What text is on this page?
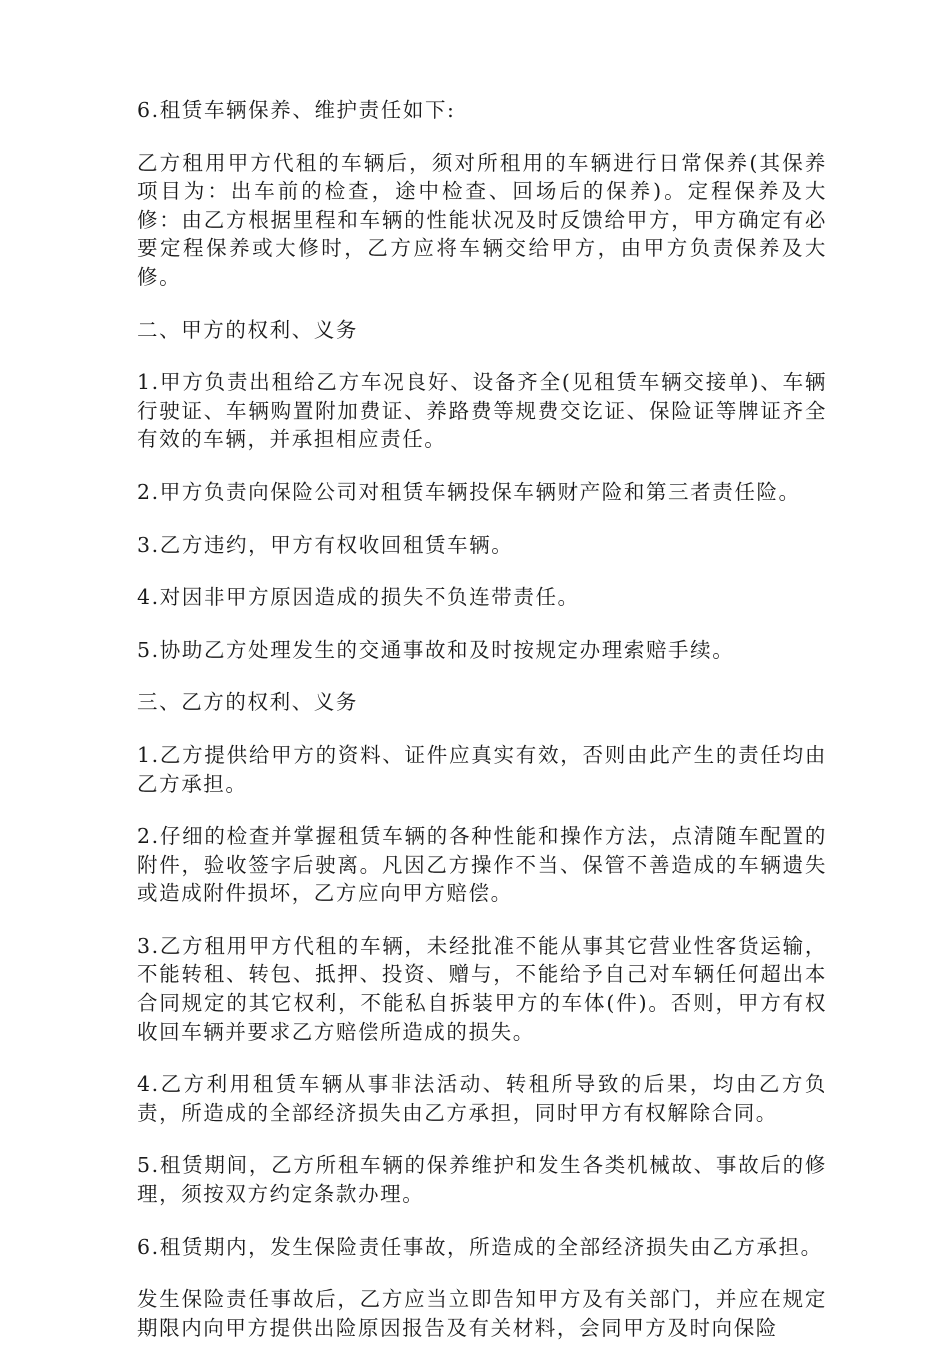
6.租赁车辆保养、维护责任如下:

乙方租用甲方代租的车辆后，须对所租用的车辆进行日常保养(其保养项目为：出车前的检查，途中检查、回场后的保养)。定程保养及大修：由乙方根据里程和车辆的性能状况及时反馈给甲方，甲方确定有必要定程保养或大修时，乙方应将车辆交给甲方，由甲方负责保养及大修。

二、甲方的权利、义务

1.甲方负责出租给乙方车况良好、设备齐全(见租赁车辆交接单)、车辆行驶证、车辆购置附加费证、养路费等规费交讫证、保险证等牌证齐全有效的车辆，并承担相应责任。

2.甲方负责向保险公司对租赁车辆投保车辆财产险和第三者责任险。

3.乙方违约，甲方有权收回租赁车辆。

4.对因非甲方原因造成的损失不负连带责任。

5.协助乙方处理发生的交通事故和及时按规定办理索赔手续。

三、乙方的权利、义务

1.乙方提供给甲方的资料、证件应真实有效，否则由此产生的责任均由乙方承担。

2.仔细的检查并掌握租赁车辆的各种性能和操作方法，点清随车配置的附件，验收签字后驶离。凡因乙方操作不当、保管不善造成的车辆遗失或造成附件损坏，乙方应向甲方赔偿。

3.乙方租用甲方代租的车辆，未经批准不能从事其它营业性客货运输，不能转租、转包、抵押、投资、赠与，不能给予自己对车辆任何超出本合同规定的其它权利，不能私自拆装甲方的车体(件)。否则，甲方有权收回车辆并要求乙方赔偿所造成的损失。

4.乙方利用租赁车辆从事非法活动、转租所导致的后果，均由乙方负责，所造成的全部经济损失由乙方承担，同时甲方有权解除合同。

5.租赁期间，乙方所租车辆的保养维护和发生各类机械故、事故后的修理，须按双方约定条款办理。

6.租赁期内，发生保险责任事故，所造成的全部经济损失由乙方承担。

发生保险责任事故后，乙方应当立即告知甲方及有关部门，并应在规定期限内向甲方提供出险原因报告及有关材料，会同甲方及时向保险
